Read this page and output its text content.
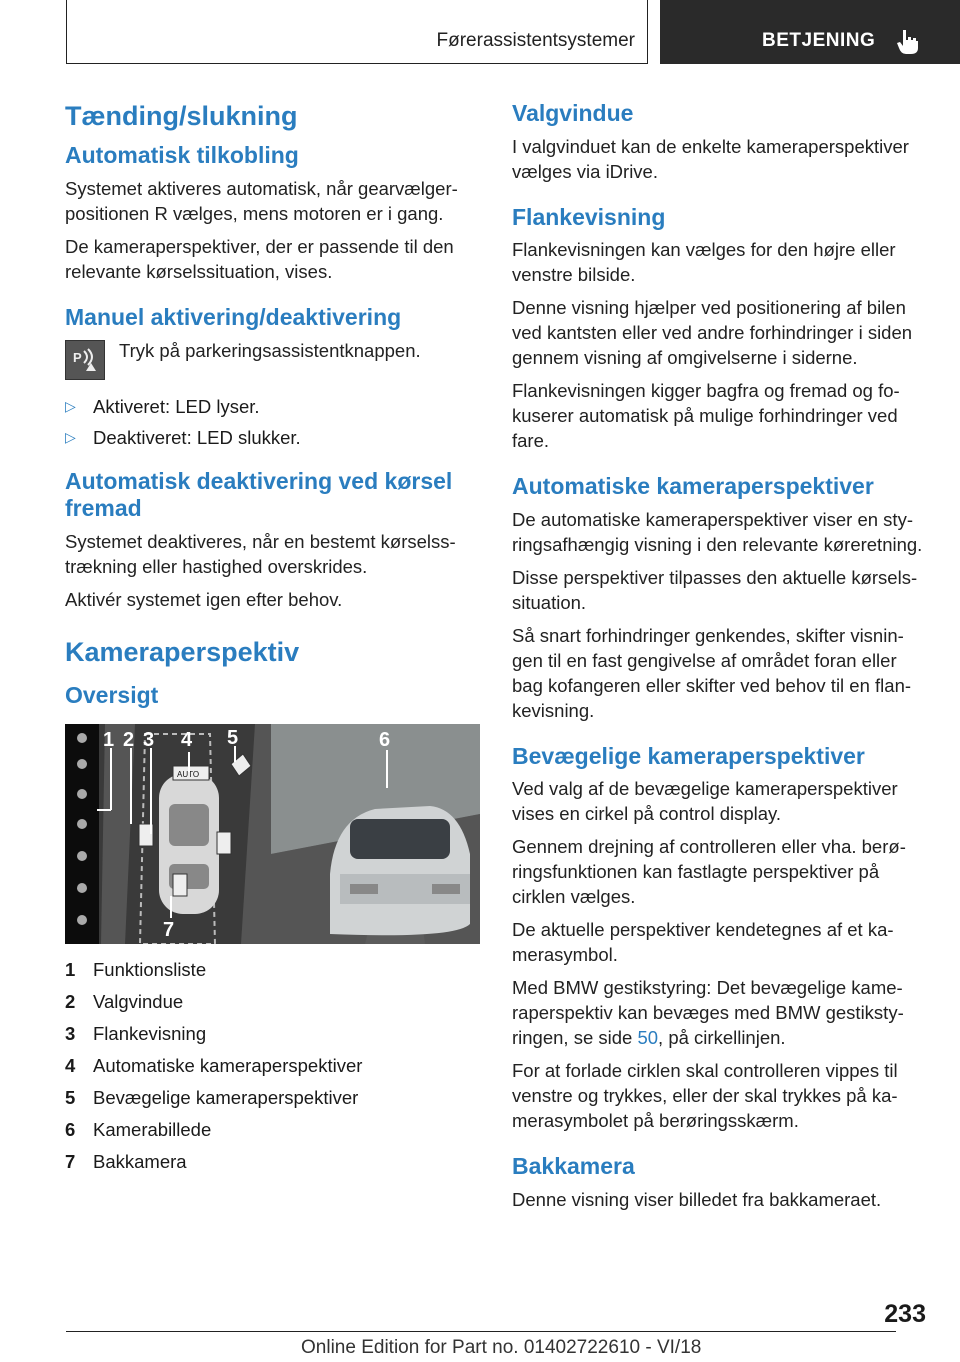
Førerassistentsystemer	BETJENING
Tænding/slukning
Automatisk tilkobling

Systemet aktiveres automatisk, når gearvælgerpositionen R vælges, mens motoren er i gang.

De kameraperspektiver, der er passende til den relevante kørselssituation, vises.

Manuel aktivering/deaktivering
P Tryk på parkeringsassistentknappen.

▷ Aktiveret: LED lyser.
▷ Deaktiveret: LED slukker.
Automatisk deaktivering ved kørsel fremad

Systemet deaktiveres, når en bestemt kørselsstrækning eller hastighed overskrides.

Aktivér systemet igen efter behov.

Kameraperspektiv
Oversigt
AUTO
1 2 3 4 5	6
7
1 Funktionsliste
2 Valgvindue
3 Flankevisning
4 Automatiske kameraperspektiver
5 Bevægelige kameraperspektiver
6 Kamerabillede
7 Bakkamera
Valgvindue

I valgvinduet kan de enkelte kameraperspektiver vælges via iDrive.

Flankevisning

Flankevisningen kan vælges for den højre eller venstre bilside.

Denne visning hjælper ved positionering af bilen ved kantsten eller ved andre forhindringer i siden gennem visning af omgivelserne i siderne.

Flankevisningen kigger bagfra og fremad og fokuserer automatisk på mulige forhindringer ved fare.

Automatiske kameraperspektiver

De automatiske kameraperspektiver viser en styringsafhængig visning i den relevante køreretning.

Disse perspektiver tilpasses den aktuelle kørselssituation.

Så snart forhindringer genkendes, skifter visningen til en fast gengivelse af området foran eller bag kofangeren eller skifter ved behov til en flankevisning.

Bevægelige kameraperspektiver

Ved valg af de bevægelige kameraperspektiver vises en cirkel på control display.

Gennem drejning af controlleren eller vha. berøringsfunktionen kan fastlagte perspektiver på cirklen vælges.

De aktuelle perspektiver kendetegnes af et kamerasymbol.

Med BMW gestikstyring: Det bevægelige kameraperspektiv kan bevæges med BMW gestikstyringen, se side 50, på cirkellinjen.

For at forlade cirklen skal controlleren vippes til venstre og trykkes, eller der skal trykkes på kamerasymbolet på berøringsskærm.

Bakkamera

Denne visning viser billedet fra bakkameraet.

233
Online Edition for Part no. 01402722610 - VI/18
